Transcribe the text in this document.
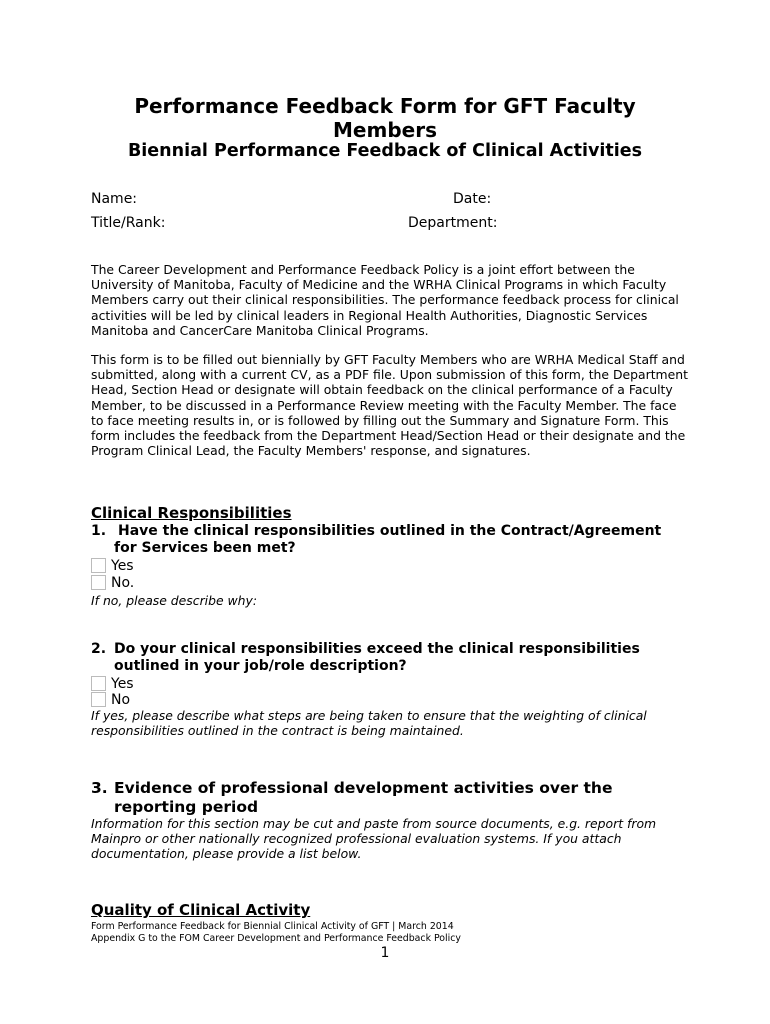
Performance Feedback Form for GFT Faculty Members
Biennial Performance Feedback of Clinical Activities
Name:	Date:
Title/Rank:	Department:
The Career Development and Performance Feedback Policy is a joint effort between the University of Manitoba, Faculty of Medicine and the WRHA Clinical Programs in which Faculty Members carry out their clinical responsibilities. The performance feedback process for clinical activities will be led by clinical leaders in Regional Health Authorities, Diagnostic Services Manitoba and CancerCare Manitoba Clinical Programs.
This form is to be filled out biennially by GFT Faculty Members who are WRHA Medical Staff and submitted, along with a current CV, as a PDF file. Upon submission of this form, the Department Head, Section Head or designate will obtain feedback on the clinical performance of a Faculty Member, to be discussed in a Performance Review meeting with the Faculty Member. The face to face meeting results in, or is followed by filling out the Summary and Signature Form. This form includes the feedback from the Department Head/Section Head or their designate and the Program Clinical Lead, the Faculty Members' response, and signatures.
Clinical Responsibilities
1. Have the clinical responsibilities outlined in the Contract/Agreement for Services been met?
Yes
No.
If no, please describe why:
2. Do your clinical responsibilities exceed the clinical responsibilities outlined in your job/role description?
Yes
No
If yes, please describe what steps are being taken to ensure that the weighting of clinical responsibilities outlined in the contract is being maintained.
3. Evidence of professional development activities over the reporting period
Information for this section may be cut and paste from source documents, e.g. report from Mainpro or other nationally recognized professional evaluation systems. If you attach documentation, please provide a list below.
Quality of Clinical Activity
Form Performance Feedback for Biennial Clinical Activity of GFT | March 2014
Appendix G to the FOM Career Development and Performance Feedback Policy
1
